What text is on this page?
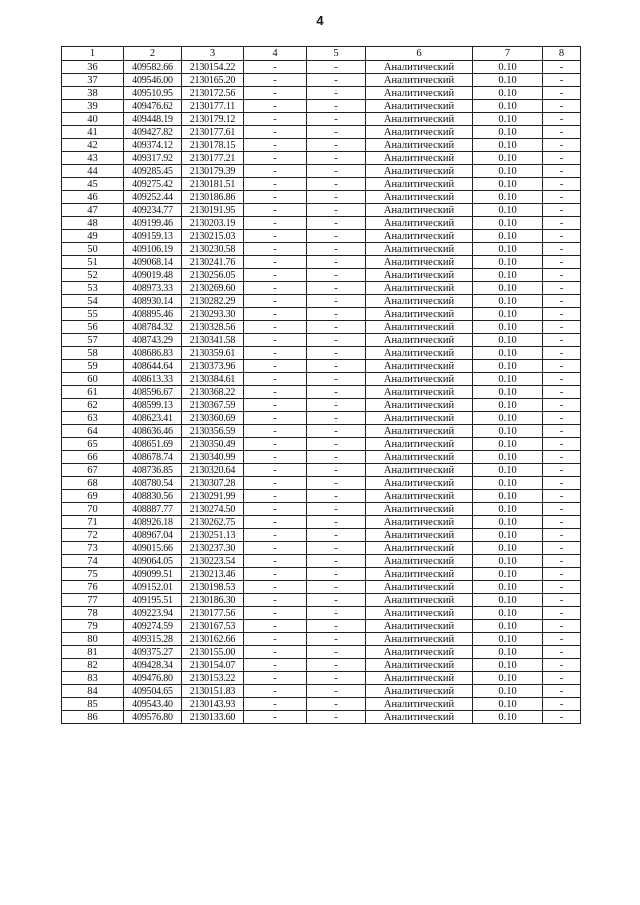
4
1	2	3	4	5	6	7	8
36	409582.66	2130154.22	-	-	Аналитический	0.10	-
37	409546.00	2130165.20	-	-	Аналитический	0.10	-
38	409510.95	2130172.56	-	-	Аналитический	0.10	-
39	409476.62	2130177.11	-	-	Аналитический	0.10	-
40	409448.19	2130179.12	-	-	Аналитический	0.10	-
41	409427.82	2130177.61	-	-	Аналитический	0.10	-
42	409374.12	2130178.15	-	-	Аналитический	0.10	-
43	409317.92	2130177.21	-	-	Аналитический	0.10	-
44	409285.45	2130179.39	-	-	Аналитический	0.10	-
45	409275.42	2130181.51	-	-	Аналитический	0.10	-
46	409252.44	2130186.86	-	-	Аналитический	0.10	-
47	409234.77	2130191.95	-	-	Аналитический	0.10	-
48	409199.46	2130203.19	-	-	Аналитический	0.10	-
49	409159.13	2130215.03	-	-	Аналитический	0.10	-
50	409106.19	2130230.58	-	-	Аналитический	0.10	-
51	409068.14	2130241.76	-	-	Аналитический	0.10	-
52	409019.48	2130256.05	-	-	Аналитический	0.10	-
53	408973.33	2130269.60	-	-	Аналитический	0.10	-
54	408930.14	2130282.29	-	-	Аналитический	0.10	-
55	408895.46	2130293.30	-	-	Аналитический	0.10	-
56	408784.32	2130328.56	-	-	Аналитический	0.10	-
57	408743.29	2130341.58	-	-	Аналитический	0.10	-
58	408686.83	2130359.61	-	-	Аналитический	0.10	-
59	408644.64	2130373.96	-	-	Аналитический	0.10	-
60	408613.33	2130384.61	-	-	Аналитический	0.10	-
61	408596.67	2130368.22	-	-	Аналитический	0.10	-
62	408599.13	2130367.59	-	-	Аналитический	0.10	-
63	408623.41	2130360.69	-	-	Аналитический	0.10	-
64	408636.46	2130356.59	-	-	Аналитический	0.10	-
65	408651.69	2130350.49	-	-	Аналитический	0.10	-
66	408678.74	2130340.99	-	-	Аналитический	0.10	-
67	408736.85	2130320.64	-	-	Аналитический	0.10	-
68	408780.54	2130307.28	-	-	Аналитический	0.10	-
69	408830.56	2130291.99	-	-	Аналитический	0.10	-
70	408887.77	2130274.50	-	-	Аналитический	0.10	-
71	408926.18	2130262.75	-	-	Аналитический	0.10	-
72	408967.04	2130251.13	-	-	Аналитический	0.10	-
73	409015.66	2130237.30	-	-	Аналитический	0.10	-
74	409064.05	2130223.54	-	-	Аналитический	0.10	-
75	409099.51	2130213.46	-	-	Аналитический	0.10	-
76	409152.01	2130198.53	-	-	Аналитический	0.10	-
77	409195.51	2130186.30	-	-	Аналитический	0.10	-
78	409223.94	2130177.56	-	-	Аналитический	0.10	-
79	409274.59	2130167.53	-	-	Аналитический	0.10	-
80	409315.28	2130162.66	-	-	Аналитический	0.10	-
81	409375.27	2130155.00	-	-	Аналитический	0.10	-
82	409428.34	2130154.07	-	-	Аналитический	0.10	-
83	409476.80	2130153.22	-	-	Аналитический	0.10	-
84	409504.65	2130151.83	-	-	Аналитический	0.10	-
85	409543.40	2130143.93	-	-	Аналитический	0.10	-
86	409576.80	2130133.60	-	-	Аналитический	0.10	-
